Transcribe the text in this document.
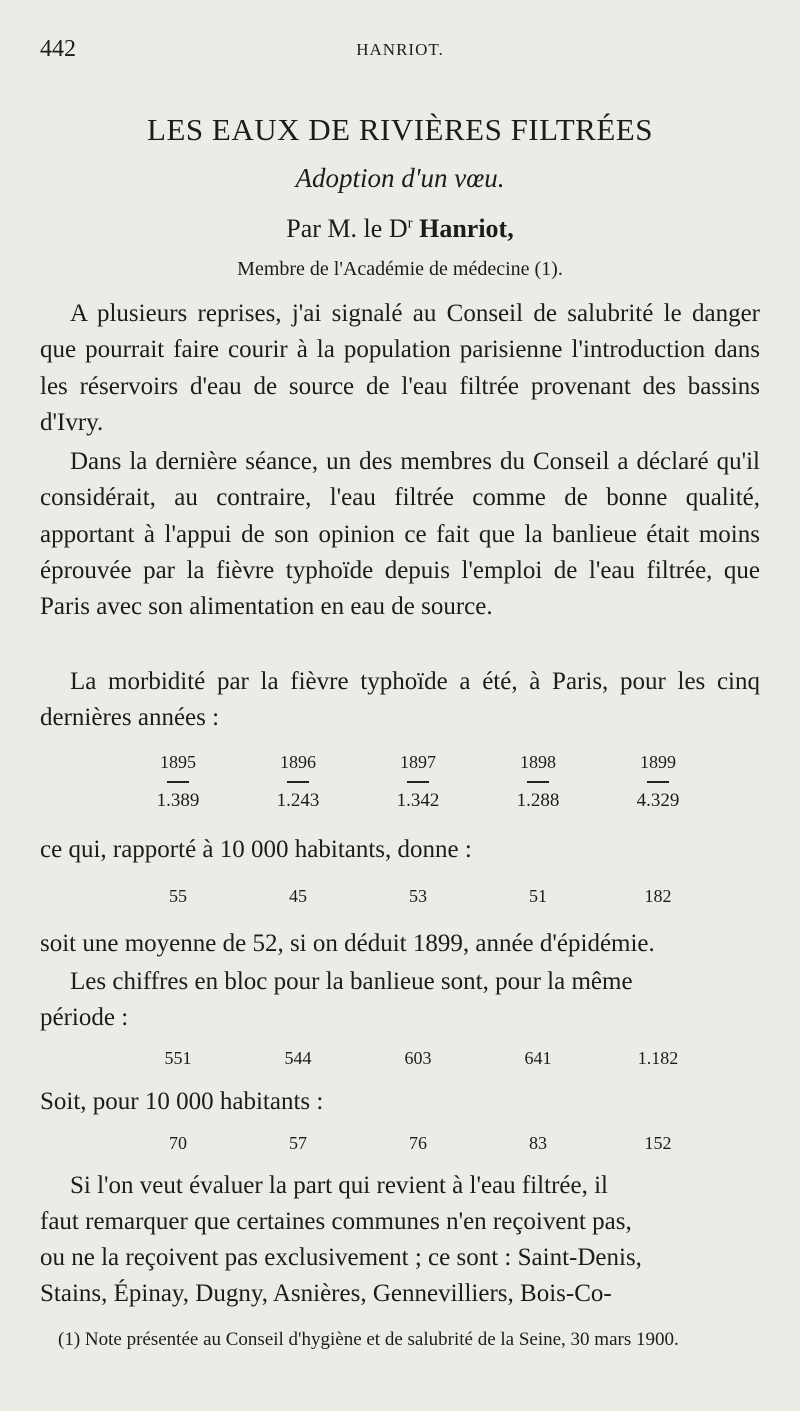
442	HANRIOT.
LES EAUX DE RIVIÈRES FILTRÉES
Adoption d'un vœu.
Par M. le $D^r$ Hanriot,
Membre de l'Académie de médecine (1).
A plusieurs reprises, j'ai signalé au Conseil de salubrité le danger que pourrait faire courir à la population parisienne l'introduction dans les réservoirs d'eau de source de l'eau filtrée provenant des bassins d'Ivry.
Dans la dernière séance, un des membres du Conseil a déclaré qu'il considérait, au contraire, l'eau filtrée comme de bonne qualité, apportant à l'appui de son opinion ce fait que la banlieue était moins éprouvée par la fièvre typhoïde depuis l'emploi de l'eau filtrée, que Paris avec son alimentation en eau de source.
La morbidité par la fièvre typhoïde a été, à Paris, pour les cinq dernières années :
1895	1896	1897	1898	1899
1.389	1.243	1.342	1.288	4.329
ce qui, rapporté à 10 000 habitants, donne :
55	45	53	51	182
soit une moyenne de 52, si on déduit 1899, année d'épidémie.
Les chiffres en bloc pour la banlieue sont, pour la même
période :
551	544	603	641	1.182
Soit, pour 10 000 habitants :
70	57	76	83	152
Si l'on veut évaluer la part qui revient à l'eau filtrée, il
faut remarquer que certaines communes n'en reçoivent pas,
ou ne la reçoivent pas exclusivement ; ce sont : Saint-Denis,
Stains, Épinay, Dugny, Asnières, Gennevilliers, Bois-Co-
(1) Note présentée au Conseil d'hygiène et de salubrité de la Seine, 30 mars 1900.
